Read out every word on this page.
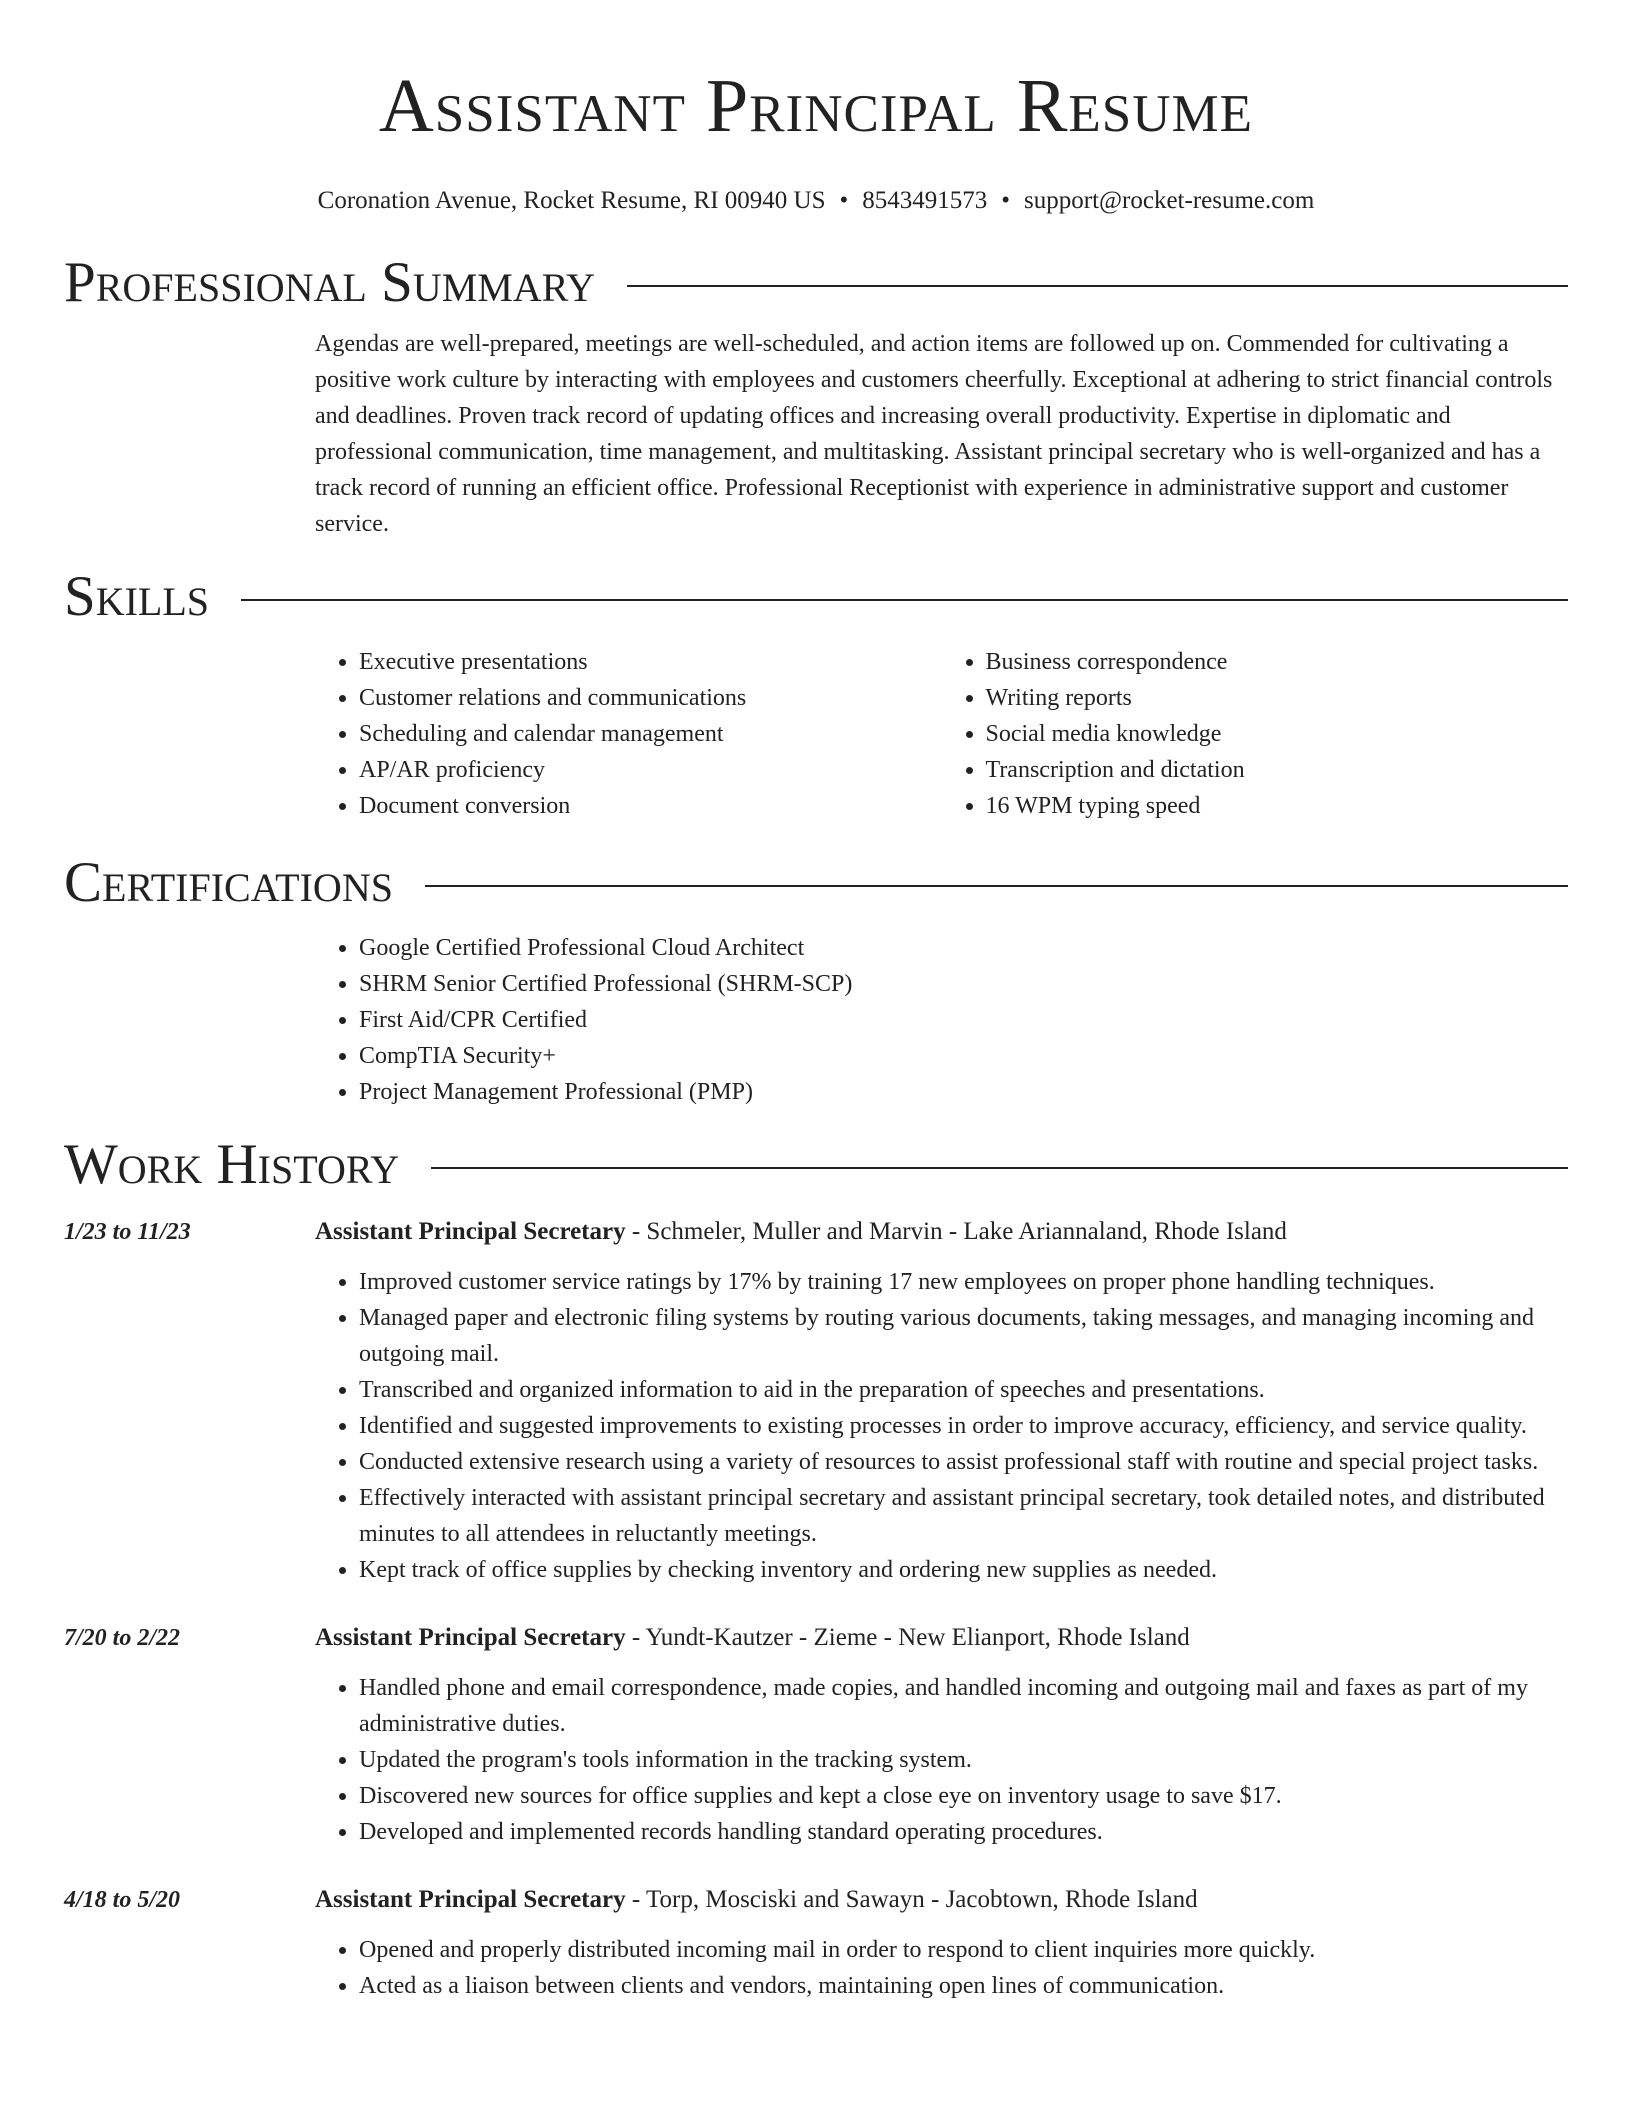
Assistant Principal Resume
Coronation Avenue, Rocket Resume, RI 00940 US • 8543491573 • support@rocket-resume.com
Professional Summary
Agendas are well-prepared, meetings are well-scheduled, and action items are followed up on. Commended for cultivating a positive work culture by interacting with employees and customers cheerfully. Exceptional at adhering to strict financial controls and deadlines. Proven track record of updating offices and increasing overall productivity. Expertise in diplomatic and professional communication, time management, and multitasking. Assistant principal secretary who is well-organized and has a track record of running an efficient office. Professional Receptionist with experience in administrative support and customer service.
Skills
• Executive presentations
• Customer relations and communications
• Scheduling and calendar management
• AP/AR proficiency
• Document conversion
• Business correspondence
• Writing reports
• Social media knowledge
• Transcription and dictation
• 16 WPM typing speed
Certifications
• Google Certified Professional Cloud Architect
• SHRM Senior Certified Professional (SHRM-SCP)
• First Aid/CPR Certified
• CompTIA Security+
• Project Management Professional (PMP)
Work History
1/23 to 11/23	Assistant Principal Secretary - Schmeler, Muller and Marvin - Lake Ariannaland, Rhode Island
• Improved customer service ratings by 17% by training 17 new employees on proper phone handling techniques.
• Managed paper and electronic filing systems by routing various documents, taking messages, and managing incoming and outgoing mail.
• Transcribed and organized information to aid in the preparation of speeches and presentations.
• Identified and suggested improvements to existing processes in order to improve accuracy, efficiency, and service quality.
• Conducted extensive research using a variety of resources to assist professional staff with routine and special project tasks.
• Effectively interacted with assistant principal secretary and assistant principal secretary, took detailed notes, and distributed minutes to all attendees in reluctantly meetings.
• Kept track of office supplies by checking inventory and ordering new supplies as needed.
7/20 to 2/22	Assistant Principal Secretary - Yundt-Kautzer - Zieme - New Elianport, Rhode Island
• Handled phone and email correspondence, made copies, and handled incoming and outgoing mail and faxes as part of my administrative duties.
• Updated the program's tools information in the tracking system.
• Discovered new sources for office supplies and kept a close eye on inventory usage to save $17.
• Developed and implemented records handling standard operating procedures.
4/18 to 5/20	Assistant Principal Secretary - Torp, Mosciski and Sawayn - Jacobtown, Rhode Island
• Opened and properly distributed incoming mail in order to respond to client inquiries more quickly.
• Acted as a liaison between clients and vendors, maintaining open lines of communication.
